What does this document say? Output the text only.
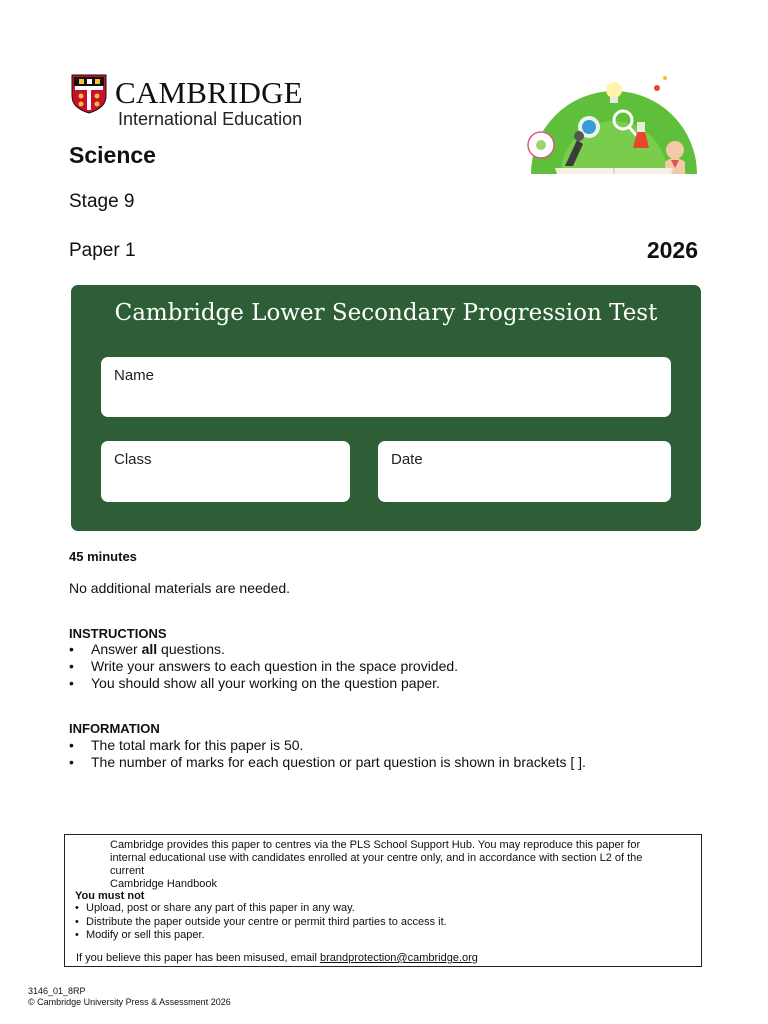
CAMBRIDGE
International Education
Science
Stage 9
Paper 1	2026
Cambridge Lower Secondary Progression Test
Name
Class	Date
45 minutes
No additional materials are needed.
INSTRUCTIONS
• Answer all questions.
• Write your answers to each question in the space provided.
• You should show all your working on the question paper.
INFORMATION
• The total mark for this paper is 50.
• The number of marks for each question or part question is shown in brackets [ ].
Cambridge provides this paper to centres via the PLS School Support Hub. You may reproduce this paper for
internal educational use with candidates enrolled at your centre only, and in accordance with section L2 of the
current
Cambridge Handbook
You must not
• Upload, post or share any part of this paper in any way.
• Distribute the paper outside your centre or permit third parties to access it.
• Modify or sell this paper.
If you believe this paper has been misused, email brandprotection@cambridge.org
3146_01_8RP
© Cambridge University Press & Assessment 2026
